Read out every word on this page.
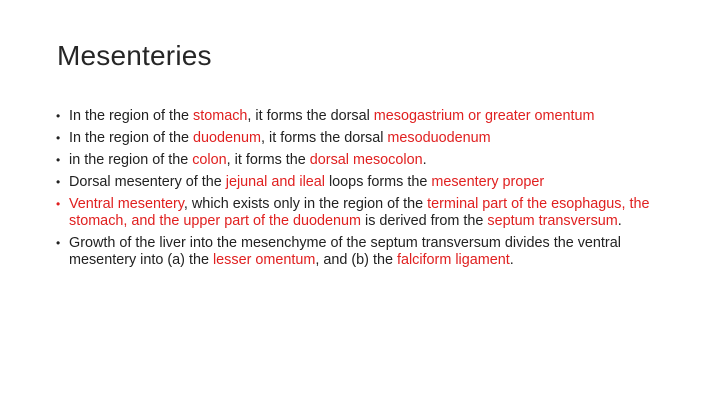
Mesenteries
• In the region of the stomach, it forms the dorsal mesogastrium or greater omentum
• In the region of the duodenum, it forms the dorsal mesoduodenum
• in the region of the colon, it forms the dorsal mesocolon.
• Dorsal mesentery of the jejunal and ileal loops forms the mesentery proper
• Ventral mesentery, which exists only in the region of the terminal part of the esophagus, the stomach, and the upper part of the duodenum is derived from the septum transversum.
• Growth of the liver into the mesenchyme of the septum transversum divides the ventral mesentery into (a) the lesser omentum, and (b) the falciform ligament.
